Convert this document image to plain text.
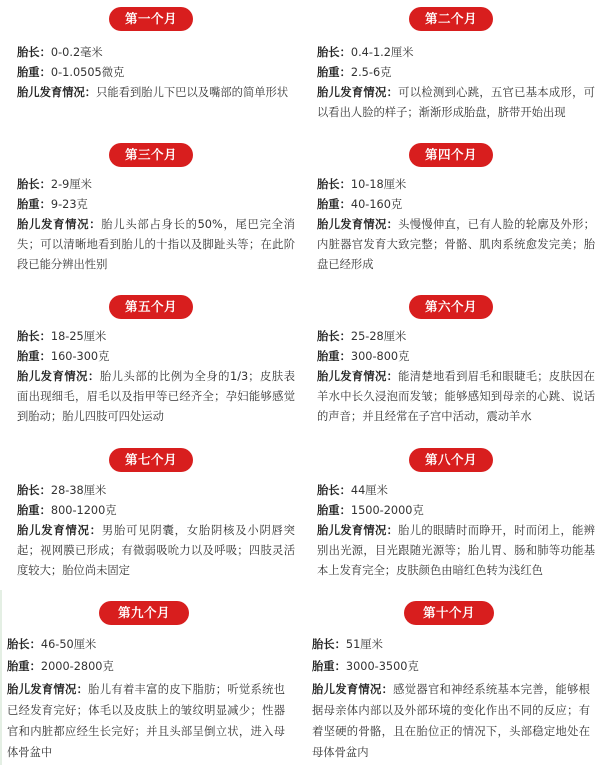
第一个月
胎长：0-0.2毫米
胎重：0-1.0505微克
胎儿发育情况：只能看到胎儿下巴以及嘴部的简单形状
第二个月
胎长：0.4-1.2厘米
胎重：2.5-6克
胎儿发育情况：可以检测到心跳，五官已基本成形，可以看出人脸的样子；渐渐形成胎盘，脐带开始出现
第三个月
胎长：2-9厘米
胎重：9-23克
胎儿发育情况：胎儿头部占身长的50%，尾巴完全消失；可以清晰地看到胎儿的十指以及脚趾头等；在此阶段已能分辨出性别
第四个月
胎长：10-18厘米
胎重：40-160克
胎儿发育情况：头慢慢伸直，已有人脸的轮廓及外形；内脏器官发育大致完整；骨骼、肌肉系统愈发完美；胎盘已经形成
第五个月
胎长：18-25厘米
胎重：160-300克
胎儿发育情况：胎儿头部的比例为全身的1/3；皮肤表面出现细毛，眉毛以及指甲等已经齐全；孕妇能够感觉到胎动；胎儿四肢可四处运动
第六个月
胎长：25-28厘米
胎重：300-800克
胎儿发育情况：能清楚地看到眉毛和眼睫毛；皮肤因在羊水中长久浸泡而发皱；能够感知到母亲的心跳、说话的声音；并且经常在子宫中活动，震动羊水
第七个月
胎长：28-38厘米
胎重：800-1200克
胎儿发育情况：男胎可见阴囊，女胎阴核及小阴唇突起；视网膜已形成；有微弱吸吮力以及呼吸；四肢灵活度较大；胎位尚未固定
第八个月
胎长：44厘米
胎重：1500-2000克
胎儿发育情况：胎儿的眼睛时而睁开，时而闭上，能辨别出光源，目光跟随光源等；胎儿胃、肠和肺等功能基本上发育完全；皮肤颜色由暗红色转为浅红色
第九个月
胎长：46-50厘米
胎重：2000-2800克
胎儿发育情况：胎儿有着丰富的皮下脂肪；听觉系统也已经发育完好；体毛以及皮肤上的皱纹明显减少；性器官和内脏都应经生长完好；并且头部呈倒立状，进入母体骨盆中
第十个月
胎长：51厘米
胎重：3000-3500克
胎儿发育情况：感觉器官和神经系统基本完善，能够根据母亲体内部以及外部环境的变化作出不同的反应；有着坚硬的骨骼，且在胎位正的情况下，头部稳定地处在母体骨盆内
